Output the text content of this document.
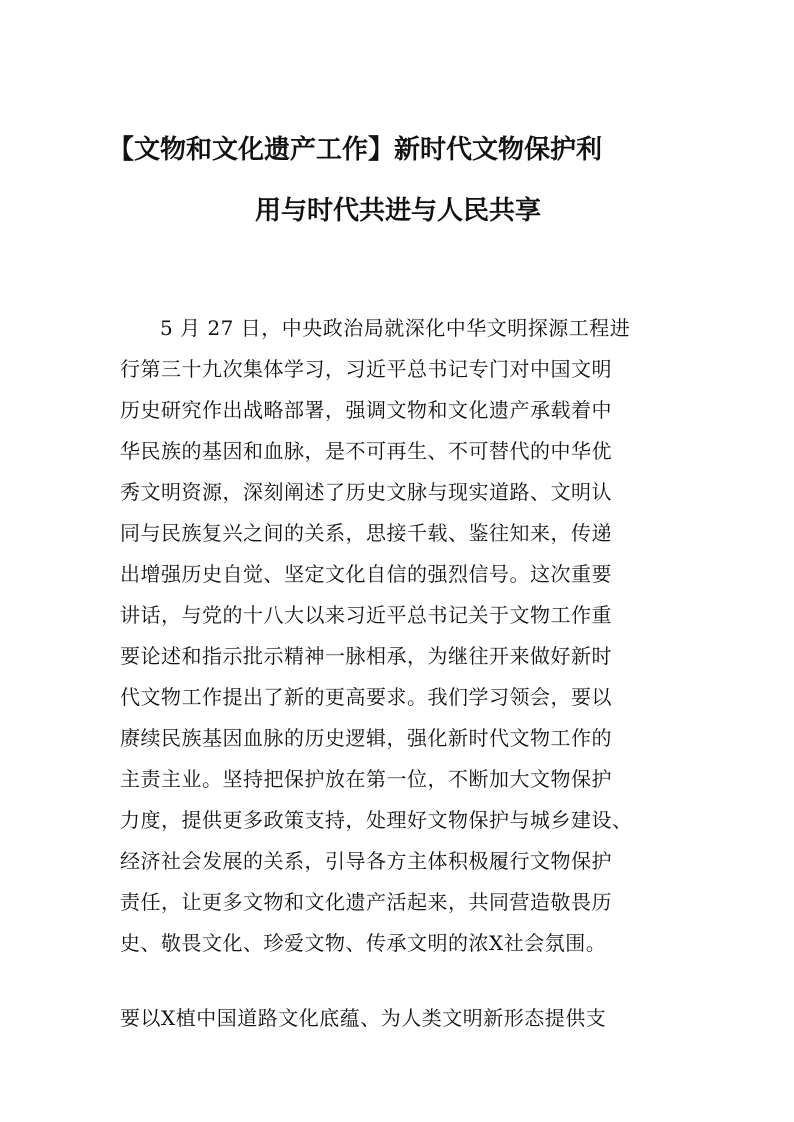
【文物和文化遗产工作】新时代文物保护利
用与时代共进与人民共享
5 月 27 日，中央政治局就深化中华文明探源工程进
行第三十九次集体学习，习近平总书记专门对中国文明
历史研究作出战略部署，强调文物和文化遗产承载着中
华民族的基因和血脉，是不可再生、不可替代的中华优
秀文明资源，深刻阐述了历史文脉与现实道路、文明认
同与民族复兴之间的关系，思接千载、鉴往知来，传递
出增强历史自觉、坚定文化自信的强烈信号。这次重要
讲话，与党的十八大以来习近平总书记关于文物工作重
要论述和指示批示精神一脉相承，为继往开来做好新时
代文物工作提出了新的更高要求。我们学习领会，要以
赓续民族基因血脉的历史逻辑，强化新时代文物工作的
主责主业。坚持把保护放在第一位，不断加大文物保护
力度，提供更多政策支持，处理好文物保护与城乡建设、
经济社会发展的关系，引导各方主体积极履行文物保护
责任，让更多文物和文化遗产活起来，共同营造敬畏历
史、敬畏文化、珍爱文物、传承文明的浓X社会氛围。
要以X植中国道路文化底蕴、为人类文明新形态提供支
